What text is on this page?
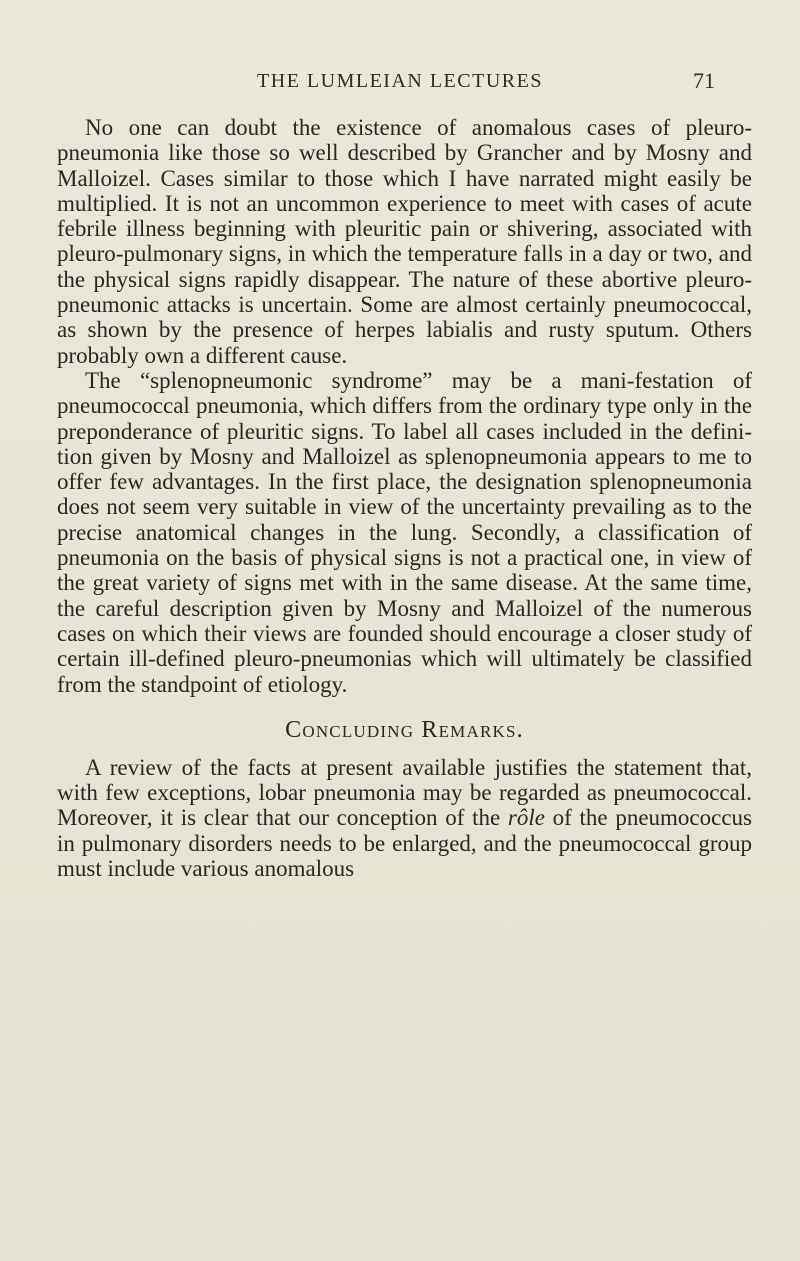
THE LUMLEIAN LECTURES	71

No one can doubt the existence of anomalous cases of pleuro-pneumonia like those so well described by Grancher and by Mosny and Malloizel. Cases similar to those which I have narrated might easily be multiplied. It is not an uncommon experience to meet with cases of acute febrile illness beginning with pleuritic pain or shivering, associated with pleuro-pulmonary signs, in which the temperature falls in a day or two, and the physical signs rapidly disappear. The nature of these abortive pleuro-pneumonic attacks is uncertain. Some are almost certainly pneumococcal, as shown by the presence of herpes labialis and rusty sputum. Others probably own a different cause.

The “splenopneumonic syndrome” may be a mani-festation of pneumococcal pneumonia, which differs from the ordinary type only in the preponderance of pleuritic signs. To label all cases included in the defini-tion given by Mosny and Malloizel as splenopneumonia appears to me to offer few advantages. In the first place, the designation splenopneumonia does not seem very suitable in view of the uncertainty prevailing as to the precise anatomical changes in the lung. Secondly, a classification of pneumonia on the basis of physical signs is not a practical one, in view of the great variety of signs met with in the same disease. At the same time, the careful description given by Mosny and Malloizel of the numerous cases on which their views are founded should encourage a closer study of certain ill-defined pleuro-pneumonias which will ultimately be classified from the standpoint of etiology.

Concluding Remarks.

A review of the facts at present available justifies the statement that, with few exceptions, lobar pneumonia may be regarded as pneumococcal. Moreover, it is clear that our conception of the rôle of the pneumococcus in pulmonary disorders needs to be enlarged, and the pneumococcal group must include various anomalous
